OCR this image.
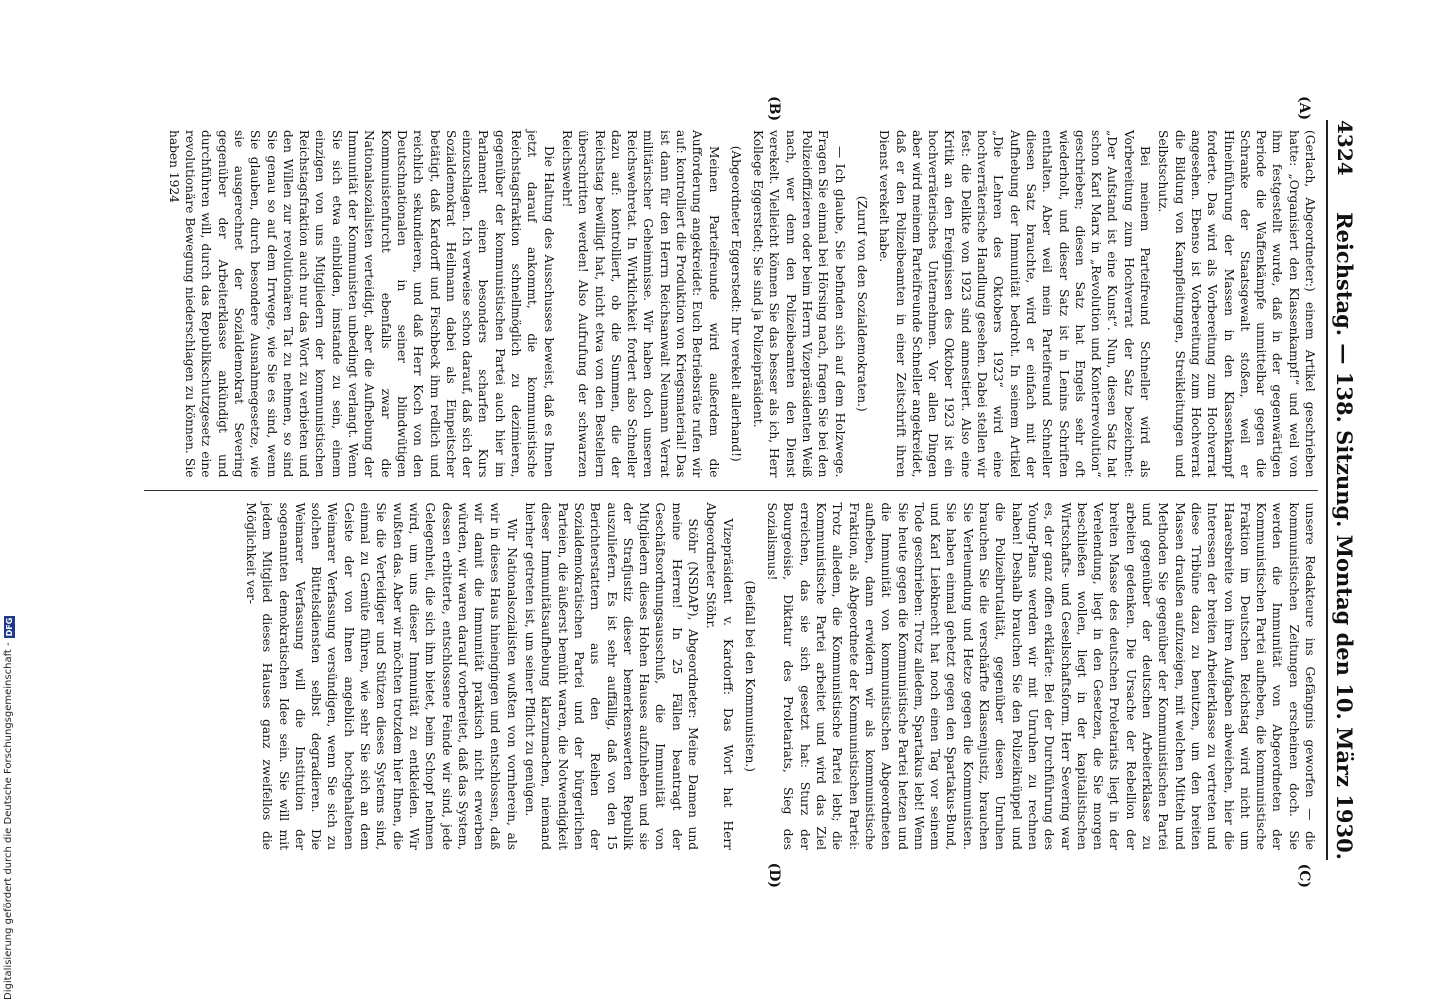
4324
Reichstag. — 138. Sitzung. Montag den 10. März 1930.
(A)
(B)
(C)
(D)

(Gerlach, Abgeordneter:) einem Artikel geschrieben hatte: „Organisiert den Klassenkampf!“ und weil von ihm festgestellt wurde, daß in der gegenwärtigen Periode die Waffenkämpfe unmittelbar gegen die Schranke der Staatsgewalt stoßen, weil er Hineinführung der Massen in den Klassenkampf forderte. Das wird als Vorbereitung zum Hochverrat angesehen. Ebenso ist Vorbereitung zum Hochverrat die Bildung von Kampfleitungen, Streikleitungen und Selbstschutz.

Bei meinem Parteifreund Schneller wird als Vorbereitung zum Hochverrat der Satz bezeichnet: „Der Aufstand ist eine Kunst“. Nun, diesen Satz hat schon Karl Marx in „Revolution und Konterrevolution“ geschrieben; diesen Satz hat Engels sehr oft wiederholt, und dieser Satz ist in Lenins Schriften enthalten. Aber weil mein Parteifreund Schneller diesen Satz brauchte, wird er einfach mit der Aufhebung der Immunität bedroht. In seinem Artikel „Die Lehren des Oktobers 1923“ wird eine hochverräterische Handlung gesehen. Dabei stellen wir fest: die Delikte von 1923 sind amnestiert. Also eine Kritik an den Ereignissen des Oktober 1923 ist ein hochverräterisches Unternehmen. Vor allen Dingen aber wird meinem Parteifreunde Schneller angekreidet, daß er den Polizeibeamten in einer Zeitschrift ihren Dienst verekelt habe.

(Zuruf von den Sozialdemokraten.)

— Ich glaube, Sie befinden sich auf dem Holzwege. Fragen Sie einmal bei Hörsing nach, fragen Sie bei den Polizeioffizieren oder beim Herrn Vizepräsidenten Weiß nach, wer denn den Polizeibeamten den Dienst verekelt. Vielleicht können Sie das besser als ich, Herr Kollege Eggerstedt; Sie sind ja Polizeipräsident.

(Abgeordneter Eggerstedt: Ihr verekelt allerhand!)

Meinen Parteifreunde wird außerdem die Aufforderung angekreidet: Euch Betriebsräte rufen wir auf: kontrolliert die Produktion von Kriegsmaterial! Das ist dann für den Herrn Reichsanwalt Neumann Verrat militärischer Geheimnisse. Wir haben doch unseren Reichswehretat. In Wirklichkeit fordert also Schneller dazu auf: kontrolliert, ob die Summen, die der Reichstag bewilligt hat, nicht etwa von den Bestellern überschritten werden! Also Aufrufung der schwarzen Reichswehr!

Die Haltung des Ausschusses beweist, daß es Ihnen jetzt darauf ankommt, die kommunistische Reichstagsfraktion schnellmöglich zu dezimieren, gegenüber der kommunistischen Partei auch hier im Parlament einen besonders scharfen Kurs einzuschlagen. Ich verweise schon darauf, daß sich der Sozialdemokrat Heilmann dabei als Einpeitscher betätigt, daß Kardorff und Fischbeck ihm redlich und reichlich sekundieren, und daß Herr Koch von den Deutschnationalen in seiner blindwütigen Kommunistenfurcht ebenfalls zwar die Nationalsozialisten verteidigt, aber die Aufhebung der Immunität der Kommunisten unbedingt verlangt. Wenn Sie sich etwa einbilden, imstande zu sein, einem einzigen von uns Mitgliedern der kommunistischen Reichstagsfraktion auch nur das Wort zu verbieten und den Willen zur revolutionären Tat zu nehmen, so sind Sie genau so auf dem Irrwege, wie Sie es sind, wenn Sie glauben, durch besondere Ausnahmegesetze, wie sie ausgerechnet der Sozialdemokrat Severing gegenüber der Arbeiterklasse ankündigt und durchführen will, durch das Republikschutzgesetz eine revolutionäre Bewegung niederschlagen zu können. Sie haben 1924

unsere Redakteure ins Gefängnis geworfen — die kommunistischen Zeitungen erscheinen doch. Sie werden die Immunität von Abgeordneten der Kommunistischen Partei aufheben, die kommunistische Fraktion im Deutschen Reichstag wird nicht um Haaresbreite von ihren Aufgaben abweichen, hier die Interessen der breiten Arbeiterklasse zu vertreten und diese Tribüne dazu zu benutzen, um den breiten Massen draußen aufzuzeigen, mit welchen Mitteln und Methoden Sie gegenüber der Kommunistischen Partei und gegenüber der deutschen Arbeiterklasse zu arbeiten gedenken. Die Ursache der Rebellion der breiten Masse des deutschen Proletariats liegt in der Verelendung, liegt in den Gesetzen, die Sie morgen beschließen wollen, liegt in der kapitalistischen Wirtschafts- und Gesellschaftsform. Herr Severing war es, der ganz offen erklärte: Bei der Durchführung des Young-Plans werden wir mit Unruhen zu rechnen haben! Deshalb brauchen Sie den Polizeiknüppel und die Polizeibrutalität, gegenüber diesen Unruhen brauchen Sie die verschärfte Klassenjustiz, brauchen Sie Verleumdung und Hetze gegen die Kommunisten. Sie haben einmal gehetzt gegen den Spartakus-Bund, und Karl Liebknecht hat noch einen Tag vor seinem Tode geschrieben: Trotz alledem, Spartakus lebt! Wenn Sie heute gegen die Kommunistische Partei hetzen und die Immunität von kommunistischen Abgeordneten aufheben, dann erwidern wir als kommunistische Fraktion, als Abgeordnete der Kommunistischen Partei: Trotz alledem, die Kommunistische Partei lebt; die Kommunistische Partei arbeitet und wird das Ziel erreichen, das sie sich gesetzt hat: Sturz der Bourgeoisie, Diktatur des Proletariats, Sieg des Sozialismus!

(Beifall bei den Kommunisten.)

Vizepräsident v. Kardorff: Das Wort hat Herr Abgeordneter Stöhr.

Stöhr (NSDAP), Abgeordneter: Meine Damen und meine Herren! In 25 Fällen beantragt der Geschäftsordnungsausschuß, die Immunität von Mitgliedern dieses Hohen Hauses aufzuheben und sie der Strafjustiz dieser bemerkenswerten Republik auszuliefern. Es ist sehr auffällig, daß von den 15 Berichterstattern aus den Reihen der Sozialdemokratischen Partei und der bürgerlichen Parteien, die äußerst bemüht waren, die Notwendigkeit dieser Immunitätsaufhebung klarzumachen, niemand hierher getreten ist, um seiner Pflicht zu genügen.

Wir Nationalsozialisten wußten von vornherein, als wir in dieses Haus hineingingen und entschlossen, daß wir damit die Immunität praktisch nicht erwerben würden, wir waren darauf vorbereitet, daß das System, dessen erbitterte, entschlossene Feinde wir sind, jede Gelegenheit, die sich ihm bietet, beim Schopf nehmen wird, um uns dieser Immunität zu entkleiden. Wir wußten das. Aber wir möchten trotzdem hier Ihnen, die Sie die Verteidiger und Stützen dieses Systems sind, einmal zu Gemüte führen, wie sehr Sie sich an dem Geiste der von Ihnen angeblich hochgehaltenen Weimarer Verfassung versündigen, wenn Sie sich zu solchen Büttelsdiensten selbst degradieren. Die Weimarer Verfassung will die Institution der sogenannten demokratischen Idee sein. Sie will mit jedem Mitglied dieses Hauses ganz zweifellos die Möglichkeit ver-

Digitalisierung gefördert durch die Deutsche Forschungsgemeinschaft -
DFG
